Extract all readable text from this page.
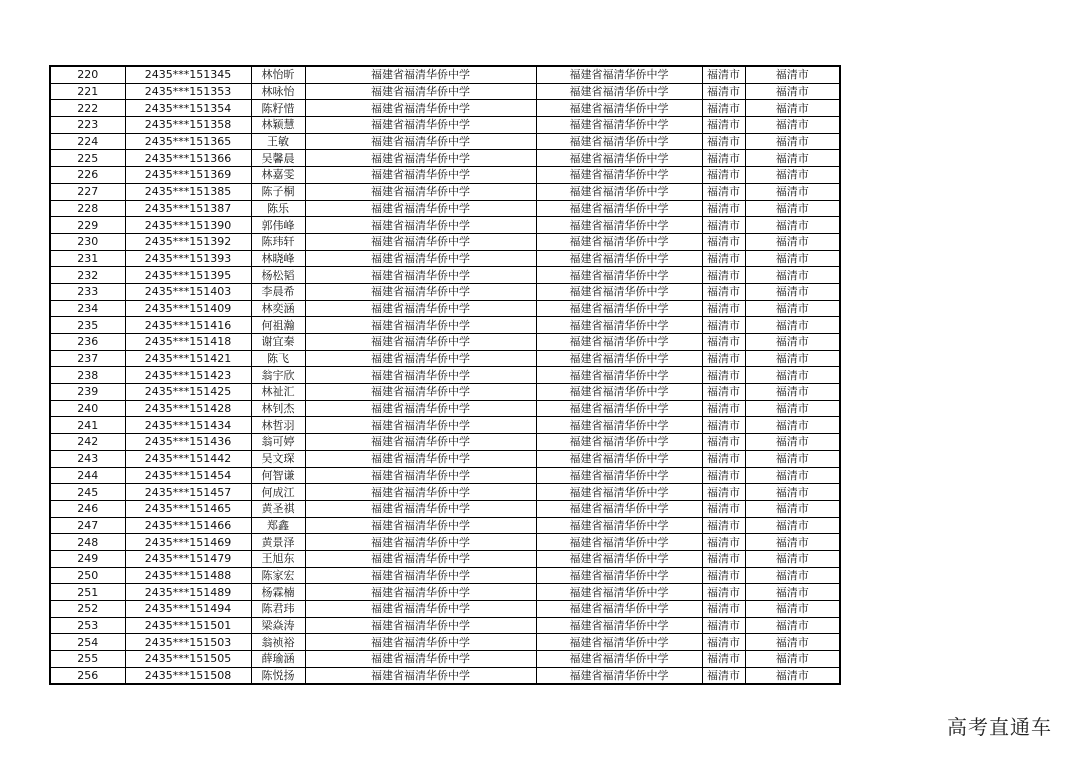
220	2435***151345	林怡昕	福建省福清华侨中学	福建省福清华侨中学	福清市	福清市
221	2435***151353	林咏怡	福建省福清华侨中学	福建省福清华侨中学	福清市	福清市
222	2435***151354	陈籽惜	福建省福清华侨中学	福建省福清华侨中学	福清市	福清市
223	2435***151358	林颖慧	福建省福清华侨中学	福建省福清华侨中学	福清市	福清市
224	2435***151365	王敏	福建省福清华侨中学	福建省福清华侨中学	福清市	福清市
225	2435***151366	吴馨晨	福建省福清华侨中学	福建省福清华侨中学	福清市	福清市
226	2435***151369	林嘉雯	福建省福清华侨中学	福建省福清华侨中学	福清市	福清市
227	2435***151385	陈子桐	福建省福清华侨中学	福建省福清华侨中学	福清市	福清市
228	2435***151387	陈乐	福建省福清华侨中学	福建省福清华侨中学	福清市	福清市
229	2435***151390	郭伟峰	福建省福清华侨中学	福建省福清华侨中学	福清市	福清市
230	2435***151392	陈玮轩	福建省福清华侨中学	福建省福清华侨中学	福清市	福清市
231	2435***151393	林晓峰	福建省福清华侨中学	福建省福清华侨中学	福清市	福清市
232	2435***151395	杨松韬	福建省福清华侨中学	福建省福清华侨中学	福清市	福清市
233	2435***151403	李晨希	福建省福清华侨中学	福建省福清华侨中学	福清市	福清市
234	2435***151409	林奕涵	福建省福清华侨中学	福建省福清华侨中学	福清市	福清市
235	2435***151416	何祖瀚	福建省福清华侨中学	福建省福清华侨中学	福清市	福清市
236	2435***151418	谢宜秦	福建省福清华侨中学	福建省福清华侨中学	福清市	福清市
237	2435***151421	陈飞	福建省福清华侨中学	福建省福清华侨中学	福清市	福清市
238	2435***151423	翁宇欣	福建省福清华侨中学	福建省福清华侨中学	福清市	福清市
239	2435***151425	林祉汇	福建省福清华侨中学	福建省福清华侨中学	福清市	福清市
240	2435***151428	林钊杰	福建省福清华侨中学	福建省福清华侨中学	福清市	福清市
241	2435***151434	林哲羽	福建省福清华侨中学	福建省福清华侨中学	福清市	福清市
242	2435***151436	翁可婷	福建省福清华侨中学	福建省福清华侨中学	福清市	福清市
243	2435***151442	吴文琛	福建省福清华侨中学	福建省福清华侨中学	福清市	福清市
244	2435***151454	何智谦	福建省福清华侨中学	福建省福清华侨中学	福清市	福清市
245	2435***151457	何成江	福建省福清华侨中学	福建省福清华侨中学	福清市	福清市
246	2435***151465	黄圣祺	福建省福清华侨中学	福建省福清华侨中学	福清市	福清市
247	2435***151466	郑鑫	福建省福清华侨中学	福建省福清华侨中学	福清市	福清市
248	2435***151469	黄景泽	福建省福清华侨中学	福建省福清华侨中学	福清市	福清市
249	2435***151479	王旭东	福建省福清华侨中学	福建省福清华侨中学	福清市	福清市
250	2435***151488	陈家宏	福建省福清华侨中学	福建省福清华侨中学	福清市	福清市
251	2435***151489	杨霖楠	福建省福清华侨中学	福建省福清华侨中学	福清市	福清市
252	2435***151494	陈君玮	福建省福清华侨中学	福建省福清华侨中学	福清市	福清市
253	2435***151501	梁焱涛	福建省福清华侨中学	福建省福清华侨中学	福清市	福清市
254	2435***151503	翁祯裕	福建省福清华侨中学	福建省福清华侨中学	福清市	福清市
255	2435***151505	薛瑜涵	福建省福清华侨中学	福建省福清华侨中学	福清市	福清市
256	2435***151508	陈悦扬	福建省福清华侨中学	福建省福清华侨中学	福清市	福清市
高考直通车
